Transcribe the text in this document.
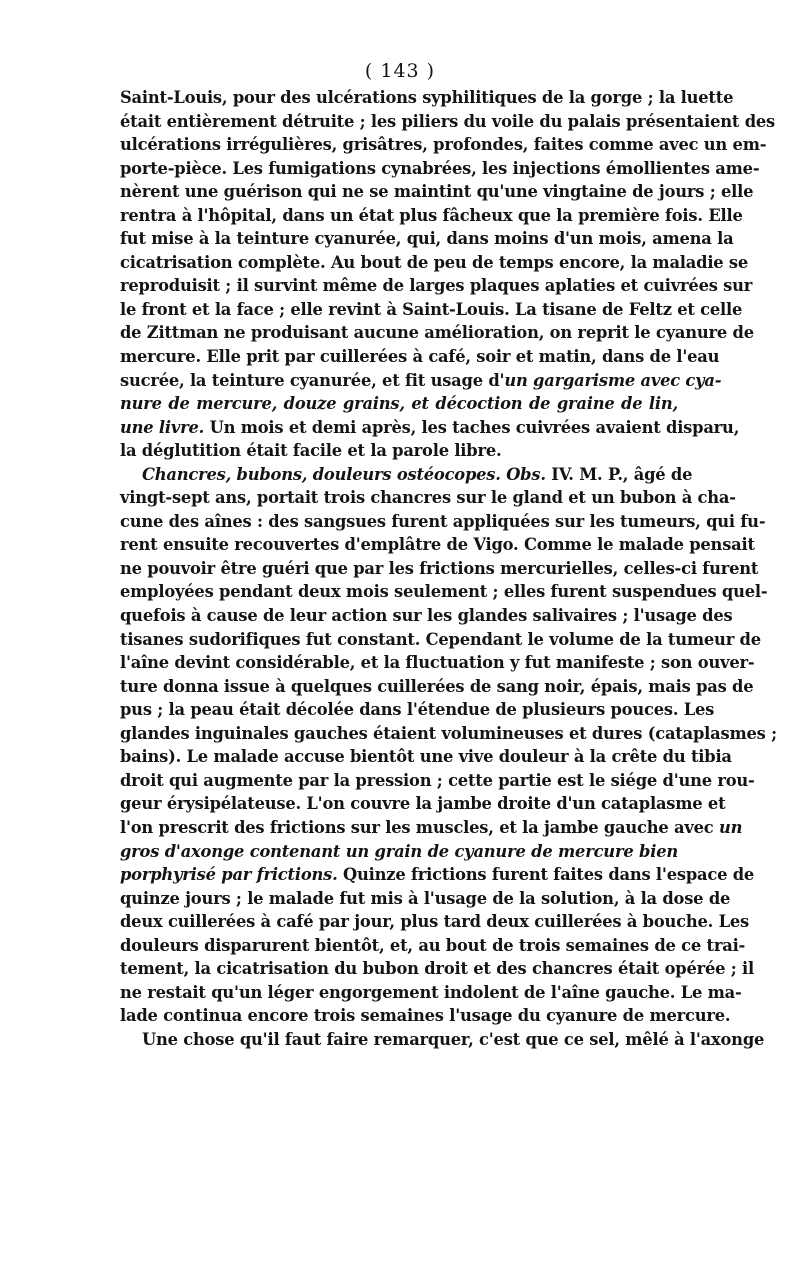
( 143 )
Saint-Louis, pour des ulcérations syphilitiques de la gorge ; la luette
était entièrement détruite ; les piliers du voile du palais présentaient des
ulcérations irrégulières, grisâtres, profondes, faites comme avec un em-
porte-pièce. Les fumigations cynabrées, les injections émollientes ame-
nèrent une guérison qui ne se maintint qu'une vingtaine de jours ; elle
rentra à l'hôpital, dans un état plus fâcheux que la première fois. Elle
fut mise à la teinture cyanurée, qui, dans moins d'un mois, amena la
cicatrisation complète. Au bout de peu de temps encore, la maladie se
reproduisit ; il survint même de larges plaques aplaties et cuivrées sur
le front et la face ; elle revint à Saint-Louis. La tisane de Feltz et celle
de Zittman ne produisant aucune amélioration, on reprit le cyanure de
mercure. Elle prit par cuillerées à café, soir et matin, dans de l'eau
sucrée, la teinture cyanurée, et fit usage d'un gargarisme avec cya-
nure de mercure, douze grains, et décoction de graine de lin,
une livre. Un mois et demi après, les taches cuivrées avaient disparu,
la déglutition était facile et la parole libre.
Chancres, bubons, douleurs ostéocopes. Obs. IV. M. P., âgé de
vingt-sept ans, portait trois chancres sur le gland et un bubon à cha-
cune des aînes : des sangsues furent appliquées sur les tumeurs, qui fu-
rent ensuite recouvertes d'emplâtre de Vigo. Comme le malade pensait
ne pouvoir être guéri que par les frictions mercurielles, celles-ci furent
employées pendant deux mois seulement ; elles furent suspendues quel-
quefois à cause de leur action sur les glandes salivaires ; l'usage des
tisanes sudorifiques fut constant. Cependant le volume de la tumeur de
l'aîne devint considérable, et la fluctuation y fut manifeste ; son ouver-
ture donna issue à quelques cuillerées de sang noir, épais, mais pas de
pus ; la peau était décolée dans l'étendue de plusieurs pouces. Les
glandes inguinales gauches étaient volumineuses et dures (cataplasmes ;
bains). Le malade accuse bientôt une vive douleur à la crête du tibia
droit qui augmente par la pression ; cette partie est le siége d'une rou-
geur érysipélateuse. L'on couvre la jambe droite d'un cataplasme et
l'on prescrit des frictions sur les muscles, et la jambe gauche avec un
gros d'axonge contenant un grain de cyanure de mercure bien
porphyrisé par frictions. Quinze frictions furent faites dans l'espace de
quinze jours ; le malade fut mis à l'usage de la solution, à la dose de
deux cuillerées à café par jour, plus tard deux cuillerées à bouche. Les
douleurs disparurent bientôt, et, au bout de trois semaines de ce trai-
tement, la cicatrisation du bubon droit et des chancres était opérée ; il
ne restait qu'un léger engorgement indolent de l'aîne gauche. Le ma-
lade continua encore trois semaines l'usage du cyanure de mercure.
Une chose qu'il faut faire remarquer, c'est que ce sel, mêlé à l'axonge
